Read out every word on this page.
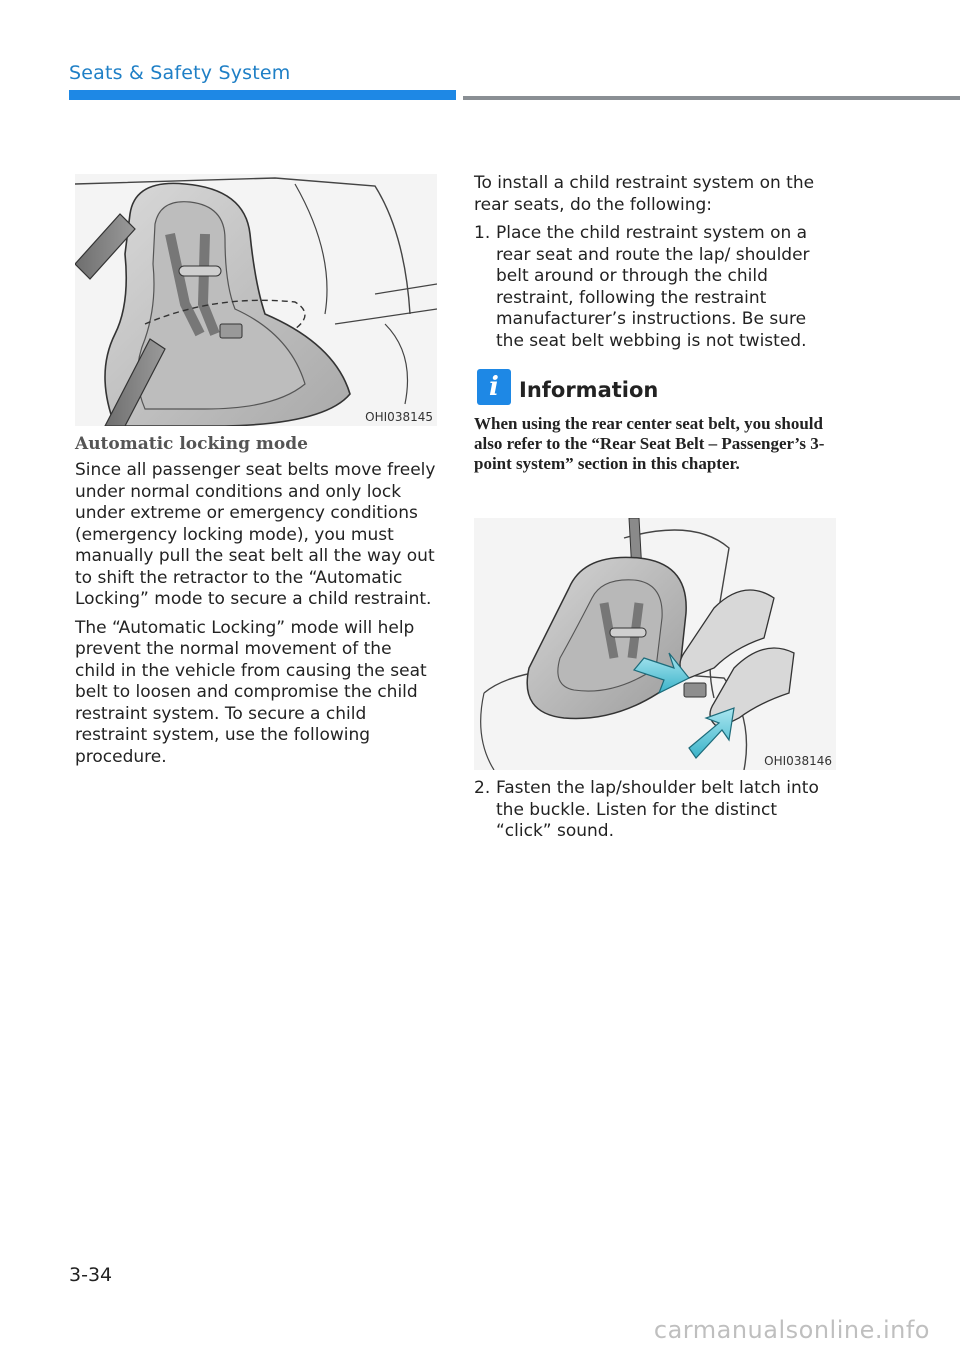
Seats & Safety System
OHI038145
Automatic locking mode

Since all passenger seat belts move freely under normal conditions and only lock under extreme or emergency conditions (emergency locking mode), you must manually pull the seat belt all the way out to shift the retractor to the “Automatic Locking” mode to secure a child restraint.

The “Automatic Locking” mode will help prevent the normal movement of the child in the vehicle from causing the seat belt to loosen and compromise the child restraint system. To secure a child restraint system, use the following procedure.

To install a child restraint system on the rear seats, do the following:

1. Place the child restraint system on a rear seat and route the lap/ shoulder belt around or through the child restraint, following the restraint manufacturer’s instructions. Be sure the seat belt webbing is not twisted.
i Information
When using the rear center seat belt, you should also refer to the “Rear Seat Belt – Passenger’s 3-point system” section in this chapter.
OHI038146
2. Fasten the lap/shoulder belt latch into the buckle. Listen for the distinct “click” sound.
3-34
carmanualsonline.info
